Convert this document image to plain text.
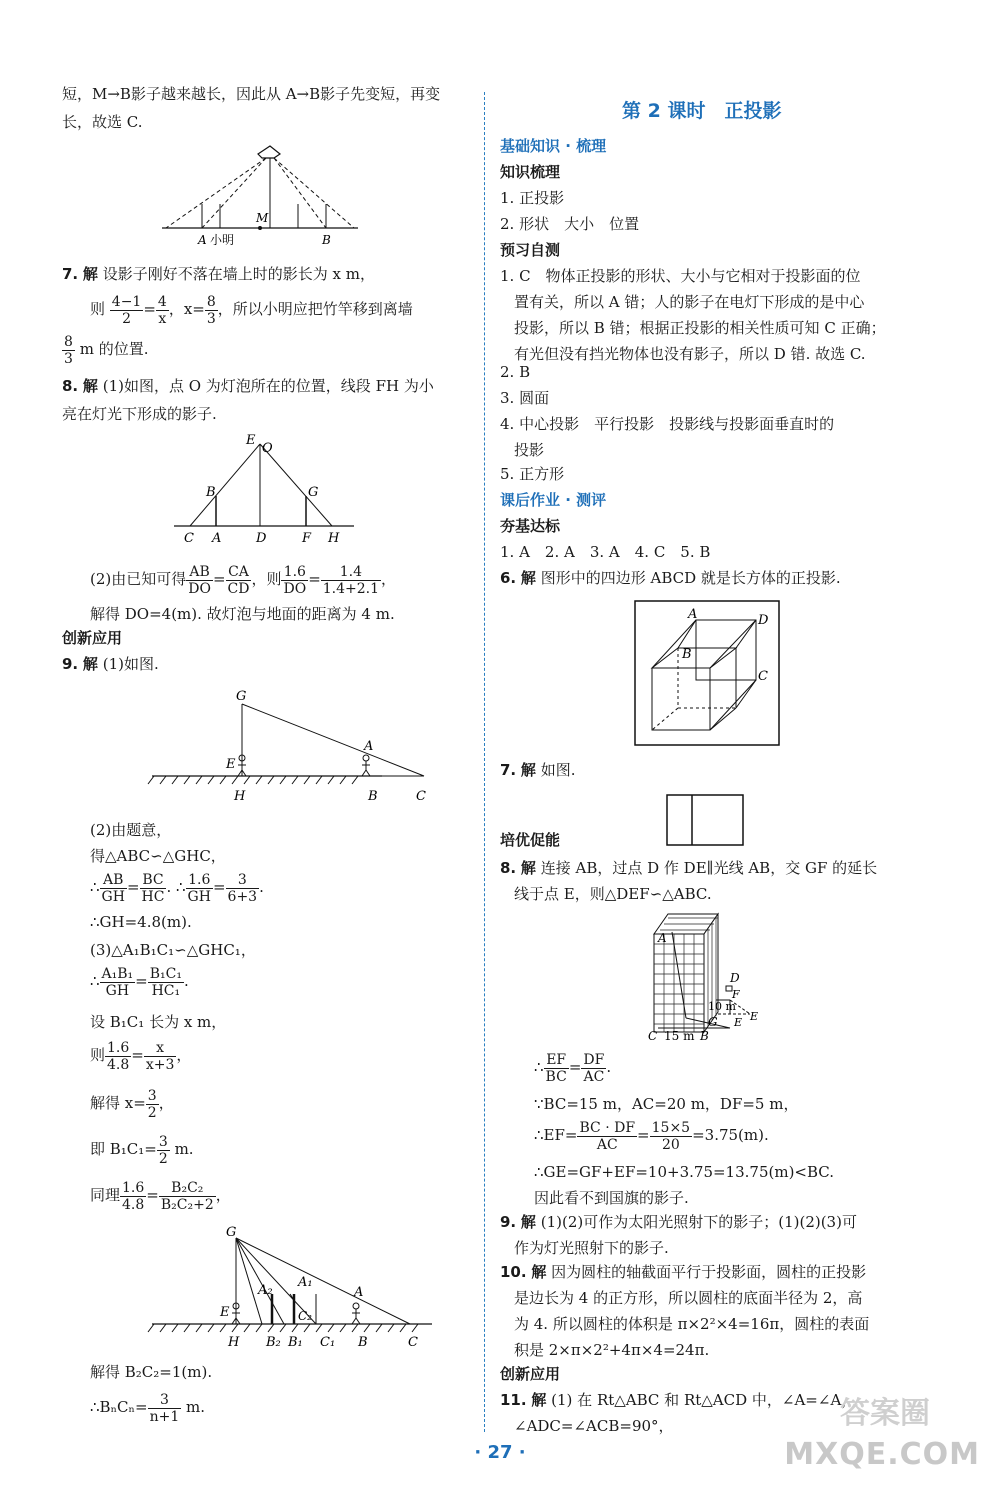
短，M→B影子越来越长，因此从 A→B影子先变短，再变
长，故选 C.
A 小明
M
B
7. 解 设影子刚好不落在墙上时的影长为 x m，
则 $\frac{4-1}{2} = \frac{4}{x}$ ，$x= \frac{8}{3}$ ，所以小明应把竹竿移到离墙
$\frac{8}{3}$ m 的位置.
8. 解 (1)如图，点 O 为灯泡所在的位置，线段 FH 为小
亮在灯光下形成的影子.
E
O
B	G
C A	D	F H
(2)由已知可得 $\frac{AB}{DO} = \frac{CA}{CD}$ ，则 $\frac{1.6}{DO} = \frac{1.4}{1.4+2.1}$ ，
解得 DO=4(m). 故灯泡与地面的距离为 4 m.
创新应用
9. 解 (1)如图.
G
A
E
H	B	C
(2)由题意，
得△ABC∽△GHC，
∴ $\frac{AB}{GH} = \frac{BC}{HC}$ . ∴ $\frac{1.6}{GH} = \frac{3}{6+3}$ .
∴GH=4.8(m).
(3)△A₁B₁C₁∽△GHC₁，
∴ $\frac{\text{A₁B₁}}{GH} = \frac{\text{B₁C₁}}{\text{HC₁}}$ .
设 B₁C₁ 长为 x m，
则 $\frac{1.6}{4.8} = \frac{x}{x+3}$ ，
解得 $x= \frac{3}{2}$ ，
即 $B_1C_1= \frac{3}{2} m$.
同理 $\frac{1.6}{4.8} = \frac{\text{B₂C₂}}{\text{B₂C₂+2}}$ ，
G
A₂
A₁
A
E	C₂
H B₂ B₁ C₁ B	C
解得 B₂C₂=1(m).
∴BₙCₙ= $\frac{3}{n+1} m$.
第 2 课时　正投影
基础知识 · 梳理
知识梳理
1. 正投影
2. 形状　大小　位置
预习自测
1. C　物体正投影的形状、大小与它相对于投影面的位
置有关，所以 A 错；人的影子在电灯下形成的是中心
投影，所以 B 错；根据正投影的相关性质可知 C 正确；
有光但没有挡光物体也没有影子，所以 D 错. 故选 C.
2. B
3. 圆面
4. 中心投影　平行投影　投影线与投影面垂直时的
投影
5. 正方形
课后作业 · 测评
夯基达标
1. A　2. A　3. A　4. C　5. B
6. 解 图形中的四边形 ABCD 就是长方体的正投影.
A	D
B
C
7. 解 如图.
培优促能
8. 解 连接 AB，过点 D 作 DE∥光线 AB，交 GF 的延长
线于点 E，则△DEF∽△ABC.
A
D
F
10 m
G E E
C 15 m B
∴ $\frac{EF}{BC} = \frac{DF}{AC}$ .
∵BC=15 m，AC=20 m，DF=5 m，
∴EF= $\frac{BC \cdot DF}{AC} = \frac{15\times 5}{20} =3.75(m)$.
∴GE=GF+EF=10+3.75=13.75(m)<BC.
因此看不到国旗的影子.
9. 解 (1)(2)可作为太阳光照射下的影子；(1)(2)(3)可
作为灯光照射下的影子.
10. 解 因为圆柱的轴截面平行于投影面，圆柱的正投影
是边长为 4 的正方形，所以圆柱的底面半径为 2，高
为 4. 所以圆柱的体积是 π×2²×4=16π，圆柱的表面
积是 2×π×2²+4π×4=24π.
创新应用
11. 解 (1) 在 Rt△ABC 和 Rt△ACD 中，∠A=∠A，
∠ADC=∠ACB=90°，
· 27 ·
答案圈
MXQE.COM
